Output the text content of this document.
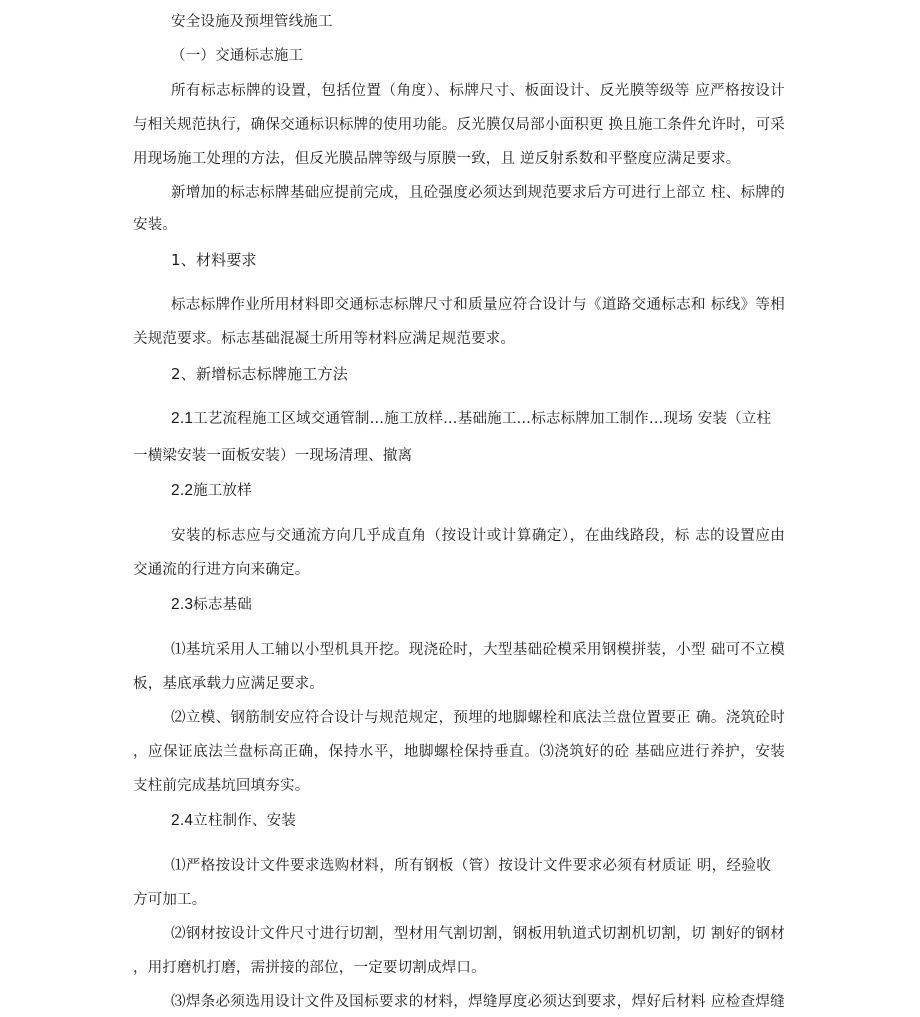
安全设施及预埋管线施工
（一）交通标志施工
所有标志标牌的设置，包括位置（角度）、标牌尺寸、板面设计、反光膜等级等 应严格按设计
与相关规范执行，确保交通标识标牌的使用功能。反光膜仅局部小面积更 换且施工条件允许时，可采
用现场施工处理的方法，但反光膜品牌等级与原膜一致，且 逆反射系数和平整度应满足要求。
新增加的标志标牌基础应提前完成，且砼强度必须达到规范要求后方可进行上部立 柱、标牌的
安装。
1、材料要求
标志标牌作业所用材料即交通标志标牌尺寸和质量应符合设计与《道路交通标志和 标线》等相
关规范要求。标志基础混凝土所用等材料应满足规范要求。
2、新增标志标牌施工方法
2.1工艺流程施工区域交通管制…施工放样…基础施工…标志标牌加工制作…现场 安装（立柱
一横梁安装一面板安装）一现场清理、撤离
2.2施工放样
安装的标志应与交通流方向几乎成直角（按设计或计算确定），在曲线路段，标 志的设置应由
交通流的行进方向来确定。
2.3标志基础
⑴基坑采用人工辅以小型机具开挖。现浇砼时，大型基础砼模采用钢模拼装，小型 础可不立模
板，基底承载力应满足要求。
⑵立模、钢筋制安应符合设计与规范规定，预埋的地脚螺栓和底法兰盘位置要正 确。浇筑砼时
，应保证底法兰盘标高正确，保持水平，地脚螺栓保持垂直。⑶浇筑好的砼 基础应进行养护，安装
支柱前完成基坑回填夯实。
2.4立柱制作、安装
⑴严格按设计文件要求选购材料，所有钢板（管）按设计文件要求必须有材质证 明，经验收
方可加工。
⑵钢材按设计文件尺寸进行切割，型材用气割切割，钢板用轨道式切割机切割，切 割好的钢材
，用打磨机打磨，需拼接的部位，一定要切割成焊口。
⑶焊条必须选用设计文件及国标要求的材料，焊缝厚度必须达到要求，焊好后材料 应检查焊缝
